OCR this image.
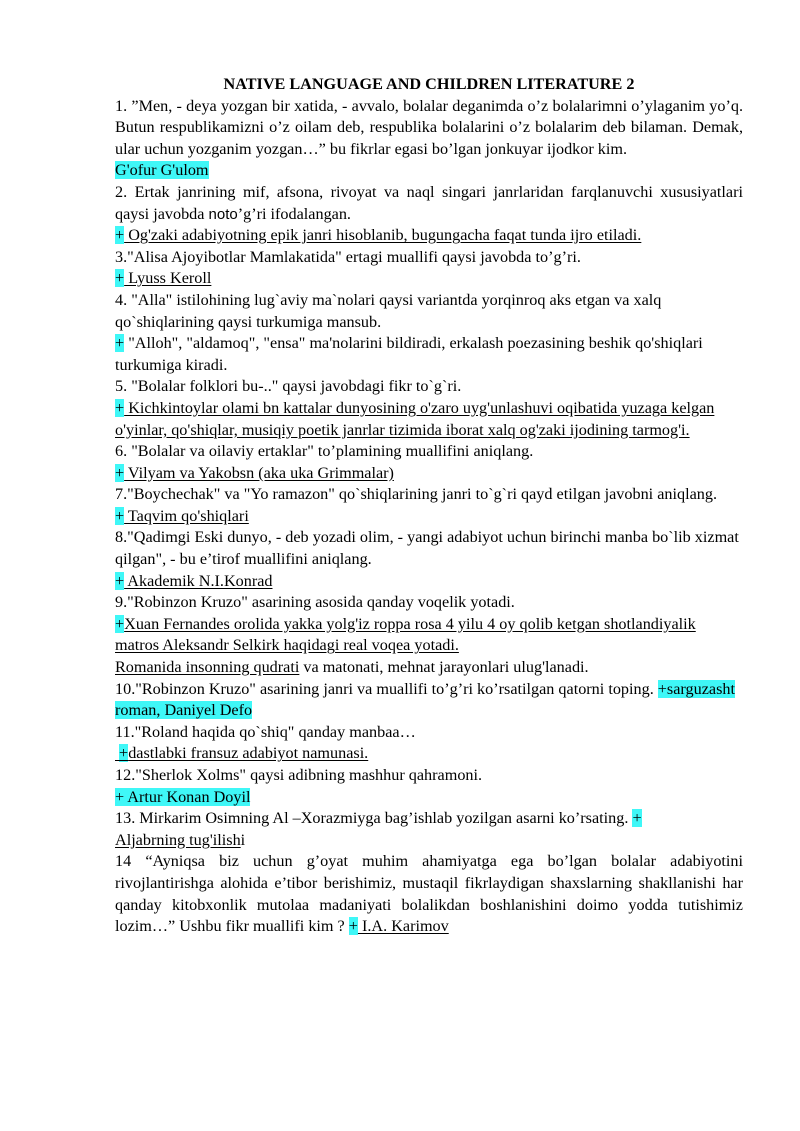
NATIVE LANGUAGE AND CHILDREN LITERATURE 2

1. ”Men, - deya yozgan bir xatida, - avvalo, bolalar deganimda o’z bolalarimni o’ylaganim yo’q. Butun respublikamizni o’z oilam deb, respublika bolalarini o’z bolalarim deb bilaman. Demak, ular uchun yozganim yozgan…” bu fikrlar egasi bo’lgan jonkuyar ijodkor kim.

G'ofur G'ulom

2. Ertak janrining mif, afsona, rivoyat va naql singari janrlaridan farqlanuvchi xususiyatlari qaysi javobda noto’g’ri ifodalangan.

+ Og'zaki adabiyotning epik janri hisoblanib, bugungacha faqat tunda ijro etiladi.

3."Alisa Ajoyibotlar Mamlakatida" ertagi muallifi qaysi javobda to’g’ri.

+ Lyuss Keroll

4. "Alla" istilohining lug`aviy ma`nolari qaysi variantda yorqinroq aks etgan va xalq qo`shiqlarining qaysi turkumiga mansub.

+ "Alloh", "aldamoq", "ensa" ma'nolarini bildiradi, erkalash poezasining beshik qo'shiqlari turkumiga kiradi.

5. "Bolalar folklori bu-.." qaysi javobdagi fikr to`g`ri.

+ Kichkintoylar olami bn kattalar dunyosining o'zaro uyg'unlashuvi oqibatida yuzaga kelgan o'yinlar, qo'shiqlar, musiqiy poetik janrlar tizimida iborat xalq og'zaki ijodining tarmog'i.

6. "Bolalar va oilaviy ertaklar" to’plamining muallifini aniqlang.

+ Vilyam va Yakobsn (aka uka Grimmalar)

7."Boychechak" va "Yo ramazon" qo`shiqlarining janri to`g`ri qayd etilgan javobni aniqlang.

+ Taqvim qo'shiqlari

8."Qadimgi Eski dunyo, - deb yozadi olim, - yangi adabiyot uchun birinchi manba bo`lib xizmat qilgan", - bu e’tirof muallifini aniqlang.

+ Akademik N.I.Konrad

9."Robinzon Kruzo" asarining asosida qanday voqelik yotadi.

+Xuan Fernandes orolida yakka yolg'iz roppa rosa 4 yilu 4 oy qolib ketgan shotlandiyalik matros Aleksandr Selkirk haqidagi real voqea yotadi.

Romanida insonning qudrati va matonati, mehnat jarayonlari ulug'lanadi.

10."Robinzon Kruzo" asarining janri va muallifi to’g’ri ko’rsatilgan qatorni toping. +sarguzasht roman, Daniyel Defo

11."Roland haqida qo`shiq" qanday manbaa…

+dastlabki fransuz adabiyot namunasi.

12."Sherlok Xolms" qaysi adibning mashhur qahramoni.

+ Artur Konan Doyil

13. Mirkarim Osimning Al –Xorazmiyga bag’ishlab yozilgan asarni ko’rsating. +
Aljabrning tug'ilishi

14 “Ayniqsa biz uchun g’oyat muhim ahamiyatga ega bo’lgan bolalar adabiyotini rivojlantirishga alohida e’tibor berishimiz, mustaqil fikrlaydigan shaxslarning shakllanishi har qanday kitobxonlik mutolaa madaniyati bolalikdan boshlanishini doimo yodda tutishimiz lozim…” Ushbu fikr muallifi kim ? + I.A. Karimov
